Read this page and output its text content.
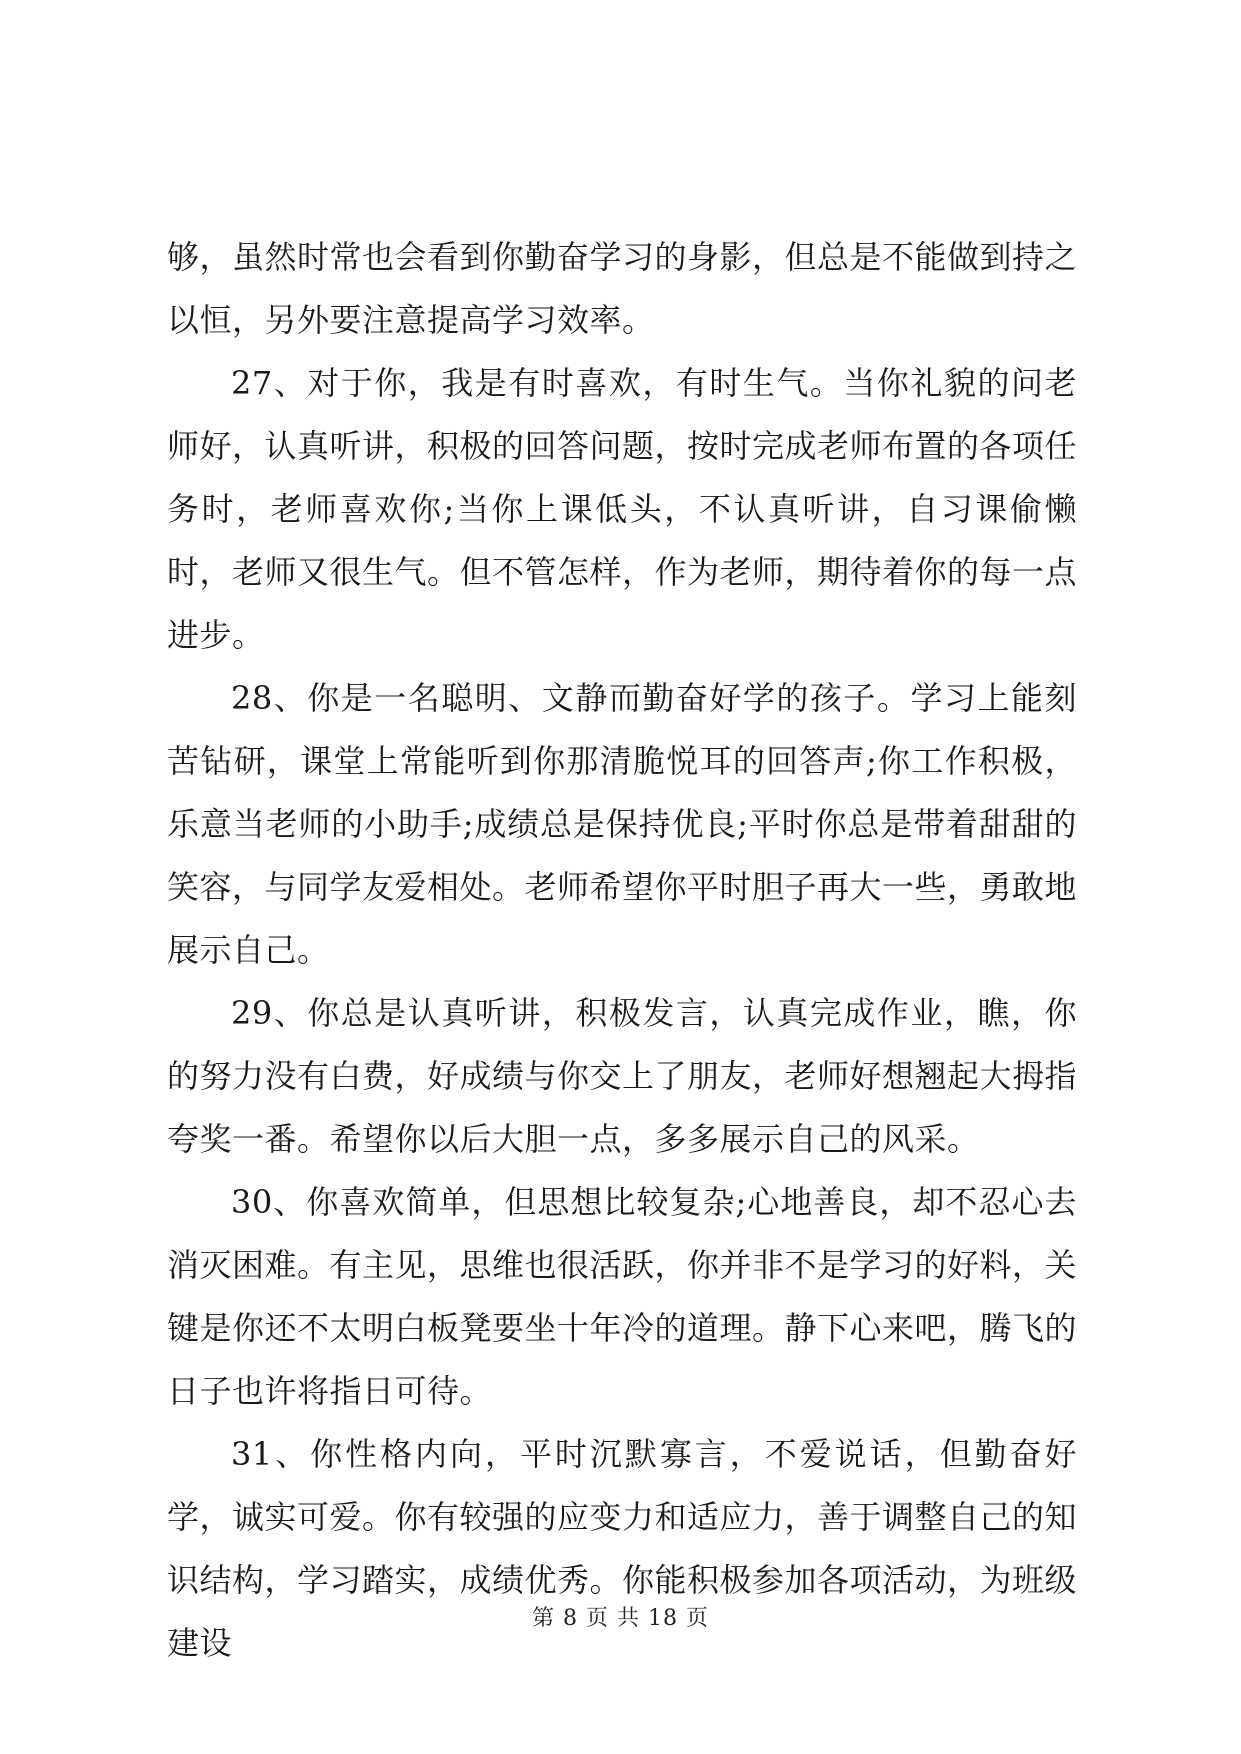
够，虽然时常也会看到你勤奋学习的身影，但总是不能做到持之以恒，另外要注意提高学习效率。

27、对于你，我是有时喜欢，有时生气。当你礼貌的问老师好，认真听讲，积极的回答问题，按时完成老师布置的各项任务时，老师喜欢你;当你上课低头，不认真听讲，自习课偷懒时，老师又很生气。但不管怎样，作为老师，期待着你的每一点进步。

28、你是一名聪明、文静而勤奋好学的孩子。学习上能刻苦钻研，课堂上常能听到你那清脆悦耳的回答声;你工作积极，乐意当老师的小助手;成绩总是保持优良;平时你总是带着甜甜的笑容，与同学友爱相处。老师希望你平时胆子再大一些，勇敢地展示自己。

29、你总是认真听讲，积极发言，认真完成作业，瞧，你的努力没有白费，好成绩与你交上了朋友，老师好想翘起大拇指夸奖一番。希望你以后大胆一点，多多展示自己的风采。

30、你喜欢简单，但思想比较复杂;心地善良，却不忍心去消灭困难。有主见，思维也很活跃，你并非不是学习的好料，关键是你还不太明白板凳要坐十年冷的道理。静下心来吧，腾飞的日子也许将指日可待。

31、你性格内向，平时沉默寡言，不爱说话，但勤奋好学，诚实可爱。你有较强的应变力和适应力，善于调整自己的知识结构，学习踏实，成绩优秀。你能积极参加各项活动，为班级建设

第 8 页 共 18 页
